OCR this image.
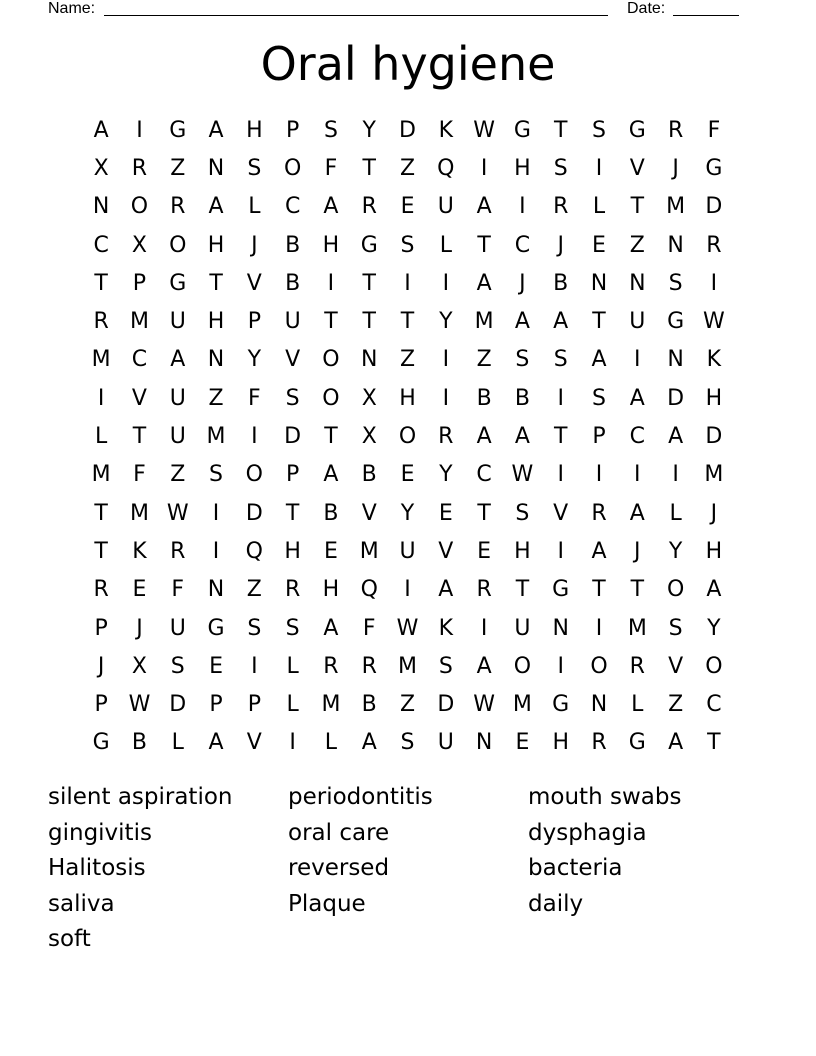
Name:	Date:
Oral hygiene
A	I	G	A	H	P	S	Y	D	K W G	T	S	G	R	F
X	R	Z	N	S	O	F	T	Z	Q	I	H	S	I	V	J	G
N O R	A	L	C	A	R	E	U	A	I	R	L	T	M D
C	X	O H	J	B	H G	S	L	T	C	J	E	Z	N	R
T	P	G	T	V	B	I	T	I	I	A	J	B	N N	S	I
R M U H	P	U	T	T	T	Y	M A	A	T	U G W
M C	A	N	Y	V	O N	Z	I	Z	S	S	A	I	N	K
I	V	U	Z	F	S	O	X	H	I	B	B	I	S	A	D H
L	T	U M	I	D	T	X	O R	A	A	T	P	C	A	D
M	F	Z	S	O	P	A	B	E	Y	C W	I	I	I	I	M
T	M W	I	D	T	B	V	Y	E	T	S	V	R	A	L	J
T	K	R	I	Q H	E M U	V	E	H	I	A	J	Y	H
R	E	F	N	Z	R	H Q	I	A	R	T	G	T	T	O	A
P	J	U G	S	S	A	F W K	I	U	N	I	M S	Y
J	X	S	E	I	L	R	R M S	A	O	I	O R	V	O
P W D	P	P	L	M B	Z	D W M G N	L	Z	C
G	B	L	A	V	I	L	A	S	U	N	E	H	R	G	A	T
silent aspiration	periodontitis	mouth swabs
gingivitis	oral care	dysphagia
Halitosis	reversed	bacteria
saliva	Plaque	daily
soft
